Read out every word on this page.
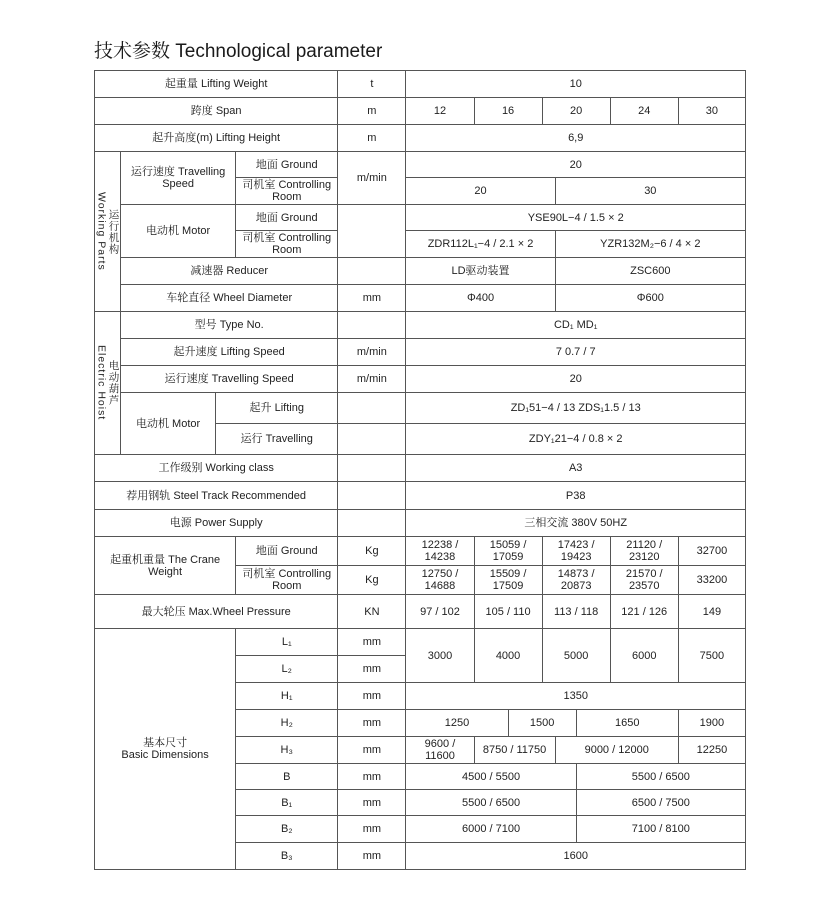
技术参数 Technological parameter
起重量 Lifting Weight				t	10							
跨度 Span				m	12	16		20			24	30
起升高度(m) Lifting Height				m	6,9							

运行机构
Working Parts	运行速度 Travelling Speed		地面 Ground	m/min	20							
			司机室 Controlling Room		20				30			
	电动机 Motor		地面 Ground		YSE90L−4 / 1.5 × 2							
			司机室 Controlling Room		ZDR112L₁−4 / 2.1 × 2				YZR132M₂−6 / 4 × 2			
	减速器 Reducer				LD驱动装置				ZSC600			
	车轮直径 Wheel Diameter			mm	Φ400				Φ600			

电动葫芦
Electric Hoist	型号 Type No.				CD₁ MD₁							
	起升速度 Lifting Speed			m/min	7 0.7 / 7							
	运行速度 Travelling Speed			m/min	20							
	电动机 Motor	起升 Lifting			ZD₁51−4 / 13 ZDS₁1.5 / 13							
		运行 Travelling			ZDY₁21−4 / 0.8 × 2							
工作级别 Working class					A3							
荐用钢轨 Steel Track Recommended					P38							
电源 Power Supply					三相交流 380V 50HZ							
起重机重量 The Crane Weight			地面 Ground	Kg	12238 / 14238	15059 / 17059		17423 / 19423			21120 / 23120	32700
			司机室 Controlling Room	Kg	12750 / 14688	15509 / 17509		14873 / 20873			21570 / 23570	33200
最大轮压 Max.Wheel Pressure				KN	97 / 102	105 / 110		113 / 118			121 / 126	149
基本尺寸
Basic Dimensions			L₁	mm	3000	4000		5000			6000	7500
			L₂	mm								
			H₁	mm	1350							
			H₂	mm	1250		1500			1650		1900
			H₃	mm	9600 / 11600	8750 / 11750			9000 / 12000			12250
			B	mm	4500 / 5500					5500 / 6500		
			B₁	mm	5500 / 6500					6500 / 7500		
			B₂	mm	6000 / 7100					7100 / 8100		
			B₃	mm	1600							
